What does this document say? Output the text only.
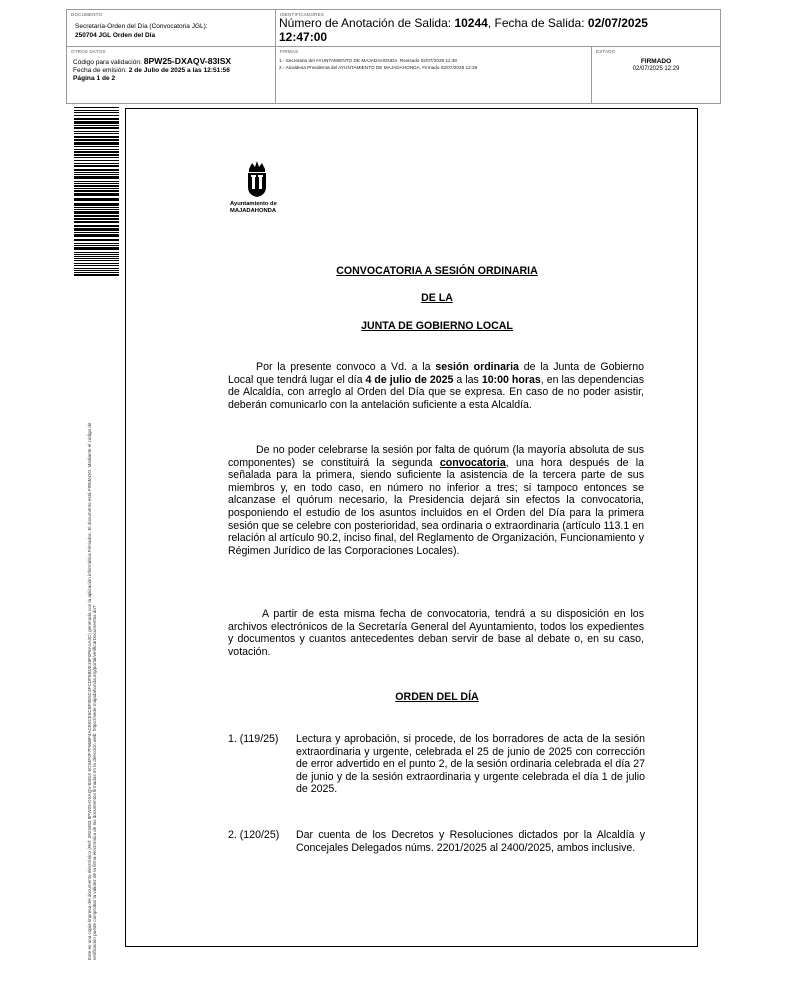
DOCUMENTO
Secretaría-Orden del Día (Convocatoria JGL):
250704 JGL Orden del Día
IDENTIFICADORES
Número de Anotación de Salida: 10244, Fecha de Salida: 02/07/2025
12:47:00
OTROS DATOS
Código para validación: 8PW25-DXAQV-83ISX
Fecha de emisión: 2 de Julio de 2025 a las 12:51:56
Página 1 de 2
FIRMAS
1.- Secretaria del AYUNTAMIENTO DE MAJADAHONDA. Revisado 02/07/2025 11:38
2.- Alcaldesa Presidenta del AYUNTAMIENTO DE MAJADAHONDA. Firmado 02/07/2025 12:29
ESTADO
FIRMADO
02/07/2025 12:29
Este es una copia impresa del documento electrónico (Ref: 3923483 8PW25-DXAQV-83ISX 6C94F0F7F96BF4ACE0CE5CBF0E5C4FCDF5BDE18F0F6A1A4C) generada con la aplicación informática Firmadoc. El documento está FIRMADO. Mediante el código de verificación puede comprobar la validez de la firma electrónica de los documentos firmados en la dirección web: https://sede.majadahonda.org/portal/verificarDocumentos.do?
Ayuntamiento de
MAJADAHONDA
CONVOCATORIA A SESIÓN ORDINARIA
DE LA
JUNTA DE GOBIERNO LOCAL

Por la presente convoco a Vd. a la sesión ordinaria de la Junta de Gobierno Local que tendrá lugar el día 4 de julio de 2025 a las 10:00 horas, en las dependencias de Alcaldía, con arreglo al Orden del Día que se expresa. En caso de no poder asistir, deberán comunicarlo con la antelación suficiente a esta Alcaldía.

De no poder celebrarse la sesión por falta de quórum (la mayoría absoluta de sus componentes) se constituirá la segunda convocatoria, una hora después de la señalada para la primera, siendo suficiente la asistencia de la tercera parte de sus miembros y, en todo caso, en número no inferior a tres; si tampoco entonces se alcanzase el quórum necesario, la Presidencia dejará sin efectos la convocatoria, posponiendo el estudio de los asuntos incluidos en el Orden del Día para la primera sesión que se celebre con posterioridad, sea ordinaria o extraordinaria (artículo 113.1 en relación al artículo 90.2, inciso final, del Reglamento de Organización, Funcionamiento y Régimen Jurídico de las Corporaciones Locales).

A partir de esta misma fecha de convocatoria, tendrá a su disposición en los archivos electrónicos de la Secretaría General del Ayuntamiento, todos los expedientes y documentos y cuantos antecedentes deban servir de base al debate o, en su caso, votación.

ORDEN DEL DÍA
1. (119/25) Lectura y aprobación, si procede, de los borradores de acta de la sesión extraordinaria y urgente, celebrada el 25 de junio de 2025 con corrección de error advertido en el punto 2, de la sesión ordinaria celebrada el día 27 de junio y de la sesión extraordinaria y urgente celebrada el día 1 de julio de 2025.
2. (120/25) Dar cuenta de los Decretos y Resoluciones dictados por la Alcaldía y Concejales Delegados núms. 2201/2025 al 2400/2025, ambos inclusive.
